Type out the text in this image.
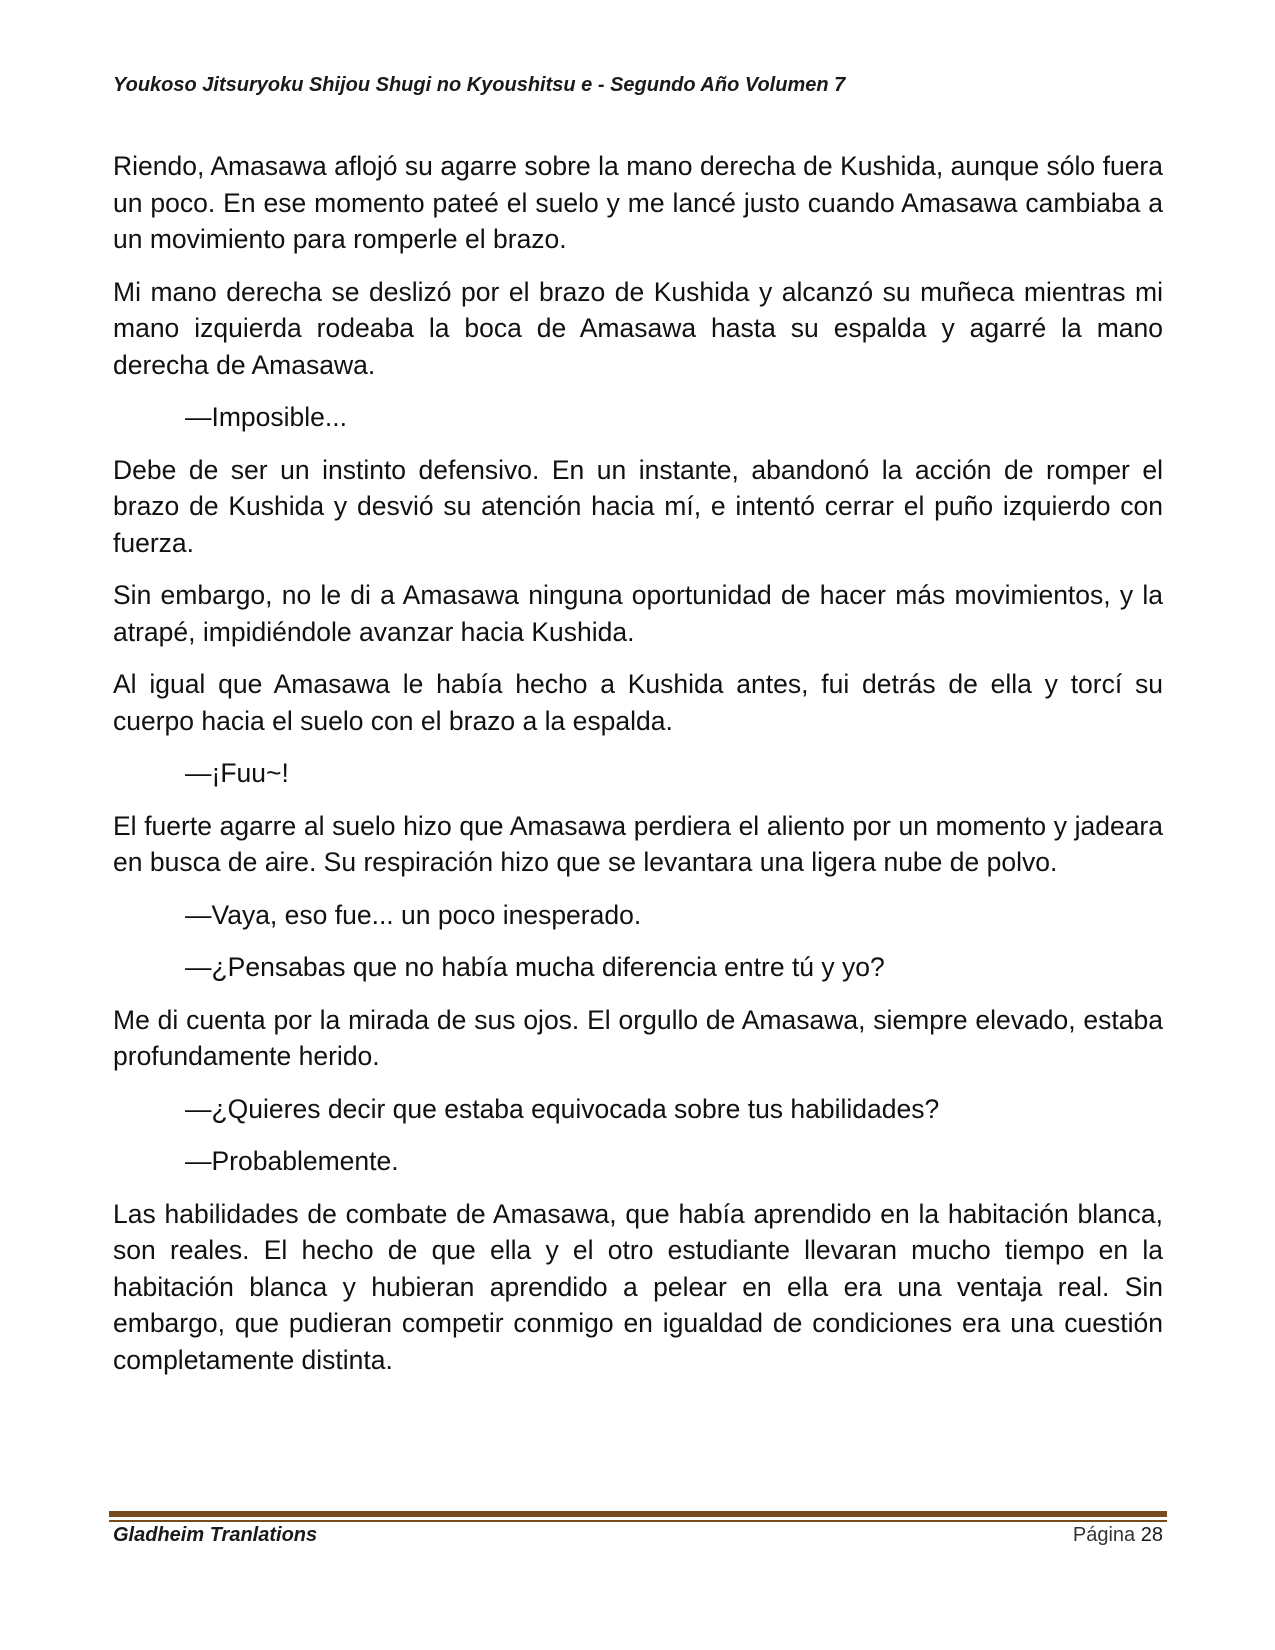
Youkoso Jitsuryoku Shijou Shugi no Kyoushitsu e - Segundo Año Volumen 7

Riendo, Amasawa aflojó su agarre sobre la mano derecha de Kushida, aunque sólo fuera un poco. En ese momento pateé el suelo y me lancé justo cuando Amasawa cambiaba a un movimiento para romperle el brazo.

Mi mano derecha se deslizó por el brazo de Kushida y alcanzó su muñeca mientras mi mano izquierda rodeaba la boca de Amasawa hasta su espalda y agarré la mano derecha de Amasawa.

—Imposible...

Debe de ser un instinto defensivo. En un instante, abandonó la acción de romper el brazo de Kushida y desvió su atención hacia mí, e intentó cerrar el puño izquierdo con fuerza.

Sin embargo, no le di a Amasawa ninguna oportunidad de hacer más movimientos, y la atrapé, impidiéndole avanzar hacia Kushida.

Al igual que Amasawa le había hecho a Kushida antes, fui detrás de ella y torcí su cuerpo hacia el suelo con el brazo a la espalda.

—¡Fuu~!

El fuerte agarre al suelo hizo que Amasawa perdiera el aliento por un momento y jadeara en busca de aire. Su respiración hizo que se levantara una ligera nube de polvo.

—Vaya, eso fue... un poco inesperado.

—¿Pensabas que no había mucha diferencia entre tú y yo?

Me di cuenta por la mirada de sus ojos. El orgullo de Amasawa, siempre elevado, estaba profundamente herido.

—¿Quieres decir que estaba equivocada sobre tus habilidades?

—Probablemente.

Las habilidades de combate de Amasawa, que había aprendido en la habitación blanca, son reales. El hecho de que ella y el otro estudiante llevaran mucho tiempo en la habitación blanca y hubieran aprendido a pelear en ella era una ventaja real. Sin embargo, que pudieran competir conmigo en igualdad de condiciones era una cuestión completamente distinta.

Gladheim Tranlations	Página 28
